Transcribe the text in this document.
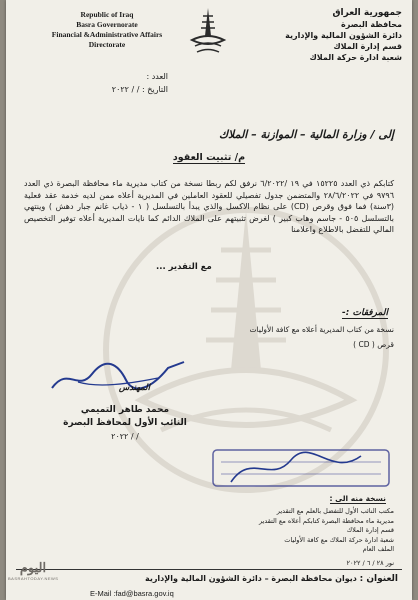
Republic of Iraq
Basra Governorate
Financial &Administrative Affairs
Directorate
جمهورية العراق
محافظة البصرة
دائرة الشؤون المالية والإدارية
قسم إدارة الملاك
شعبة ادارة حركة الملاك
العدد :
التاريخ : / / ٢٠٢٢
إلى / وزارة المالية – الموازنة – الملاك
م/ تثبيت العقود

كتابكم ذي العدد ١٥٢٢٥ في ١٩ /٦/٢٠٢٢ نرفق لكم ربطا نسخة من كتاب مديرية ماء محافظة البصرة ذي العدد ٩٧٩٦ في ٢٨/٦/٢٠٢٢ والمتضمن جدول تفصيلي للعقود العاملين في المديرية أعلاه ممن لديه خدمة عقد فعلية (٣سنة) فما فوق وقرص (CD) على نظام الاكسل والذي يبدأ بالتسلسل ( ١ - ذياب غانم جبار دهش ) وينتهي بالتسلسل ٥٠٥ - جاسم وهاب كبير ) لغرض تثبيتهم على الملاك الدائم كما نايات المديرية أعلاه توفير التخصيص المالي للتفضل بالاطلاع واعلامنا

مع التقدير ...
المرفقات :-
نسخة من كتاب المديرية أعلاه مع كافة الأوليات
قرص ( CD )
المهندس
محمد طاهر التميمي
النائب الأول لمحافظ البصرة
/ / ٢٠٢٢
نسخة منه الى :
مكتب النائب الأول للتفضل بالعلم مع التقدير
مديرية ماء محافظة البصرة كتابكم أعلاه مع التقدير
قسم إدارة الملاك
شعبة ادارة حركة الملاك مع كافة الأوليات
الملف العام
نور ٢٨ / ٦ / ٢٠٢٢
العنوان : ديوان محافظة البصرة – دائرة الشؤون المالية والإدارية
E-Mail :fad@basra.gov.iq
اليوم
BASRAHTODAY.NEWS
